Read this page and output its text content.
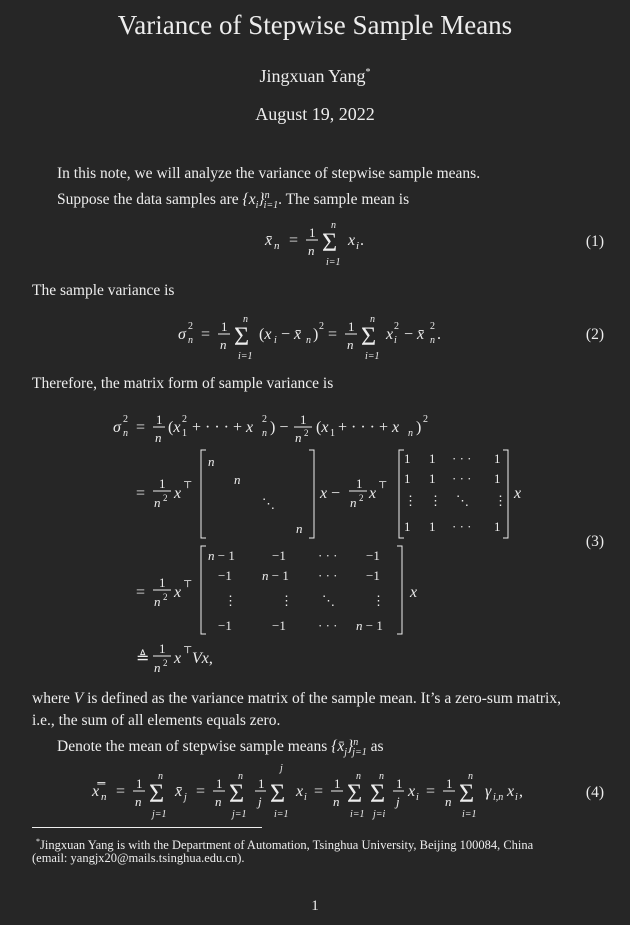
Variance of Stepwise Sample Means
Jingxuan Yang*
August 19, 2022
In this note, we will analyze the variance of stepwise sample means.
Suppose the data samples are $\{x_i\}^n_{i=1}$. The sample mean is
x̄ n = 1
n Σ
n
i=1
x i .	(1)
The sample variance is
σ 2
n = 1
n Σ
n
i=1
(x i − x̄ n ) 2 = 1
n Σ
n
i=1
x 2
i − x̄ 2
n .	(2)
Therefore, the matrix form of sample variance is
σ 2
n = 1
n
(x 2
1 + · · · + x 2
n ) − 1
n 2 (x 1 + · · · + x n ) 2
=
1
n 2 x ⊤
n
n
⋱
n
x −
1
n 2 x ⊤
1 1 · · · 1
1 1 · · · 1
⋮ ⋮ ⋱ ⋮
1 1 · · · 1
x
=
1
n 2 x ⊤
n − 1	−1 · · · −1
−1 n − 1 · · · −1
⋮	⋮ ⋱	⋮
−1	−1 · · · n − 1
x
≜
1
n 2 x ⊤ Vx,
(3)
where V is defined as the variance matrix of the sample mean. It’s a zero-sum matrix,
i.e., the sum of all elements equals zero.
Denote the mean of stepwise sample means $\{x̄_j\}^n_{j=1}$ as
x̿ n = 1
n Σ
n
j=1
x̄ j = 1
n Σ
n
j=1
1
j Σ
j
i=1
x i = 1
n Σ
n
i=1
Σ
n
j=i
1
j
x i = 1
n Σ
n
i=1
γ i,n x i ,	(4)
*Jingxuan Yang is with the Department of Automation, Tsinghua University, Beijing 100084, China
(email: yangjx20@mails.tsinghua.edu.cn).
1
